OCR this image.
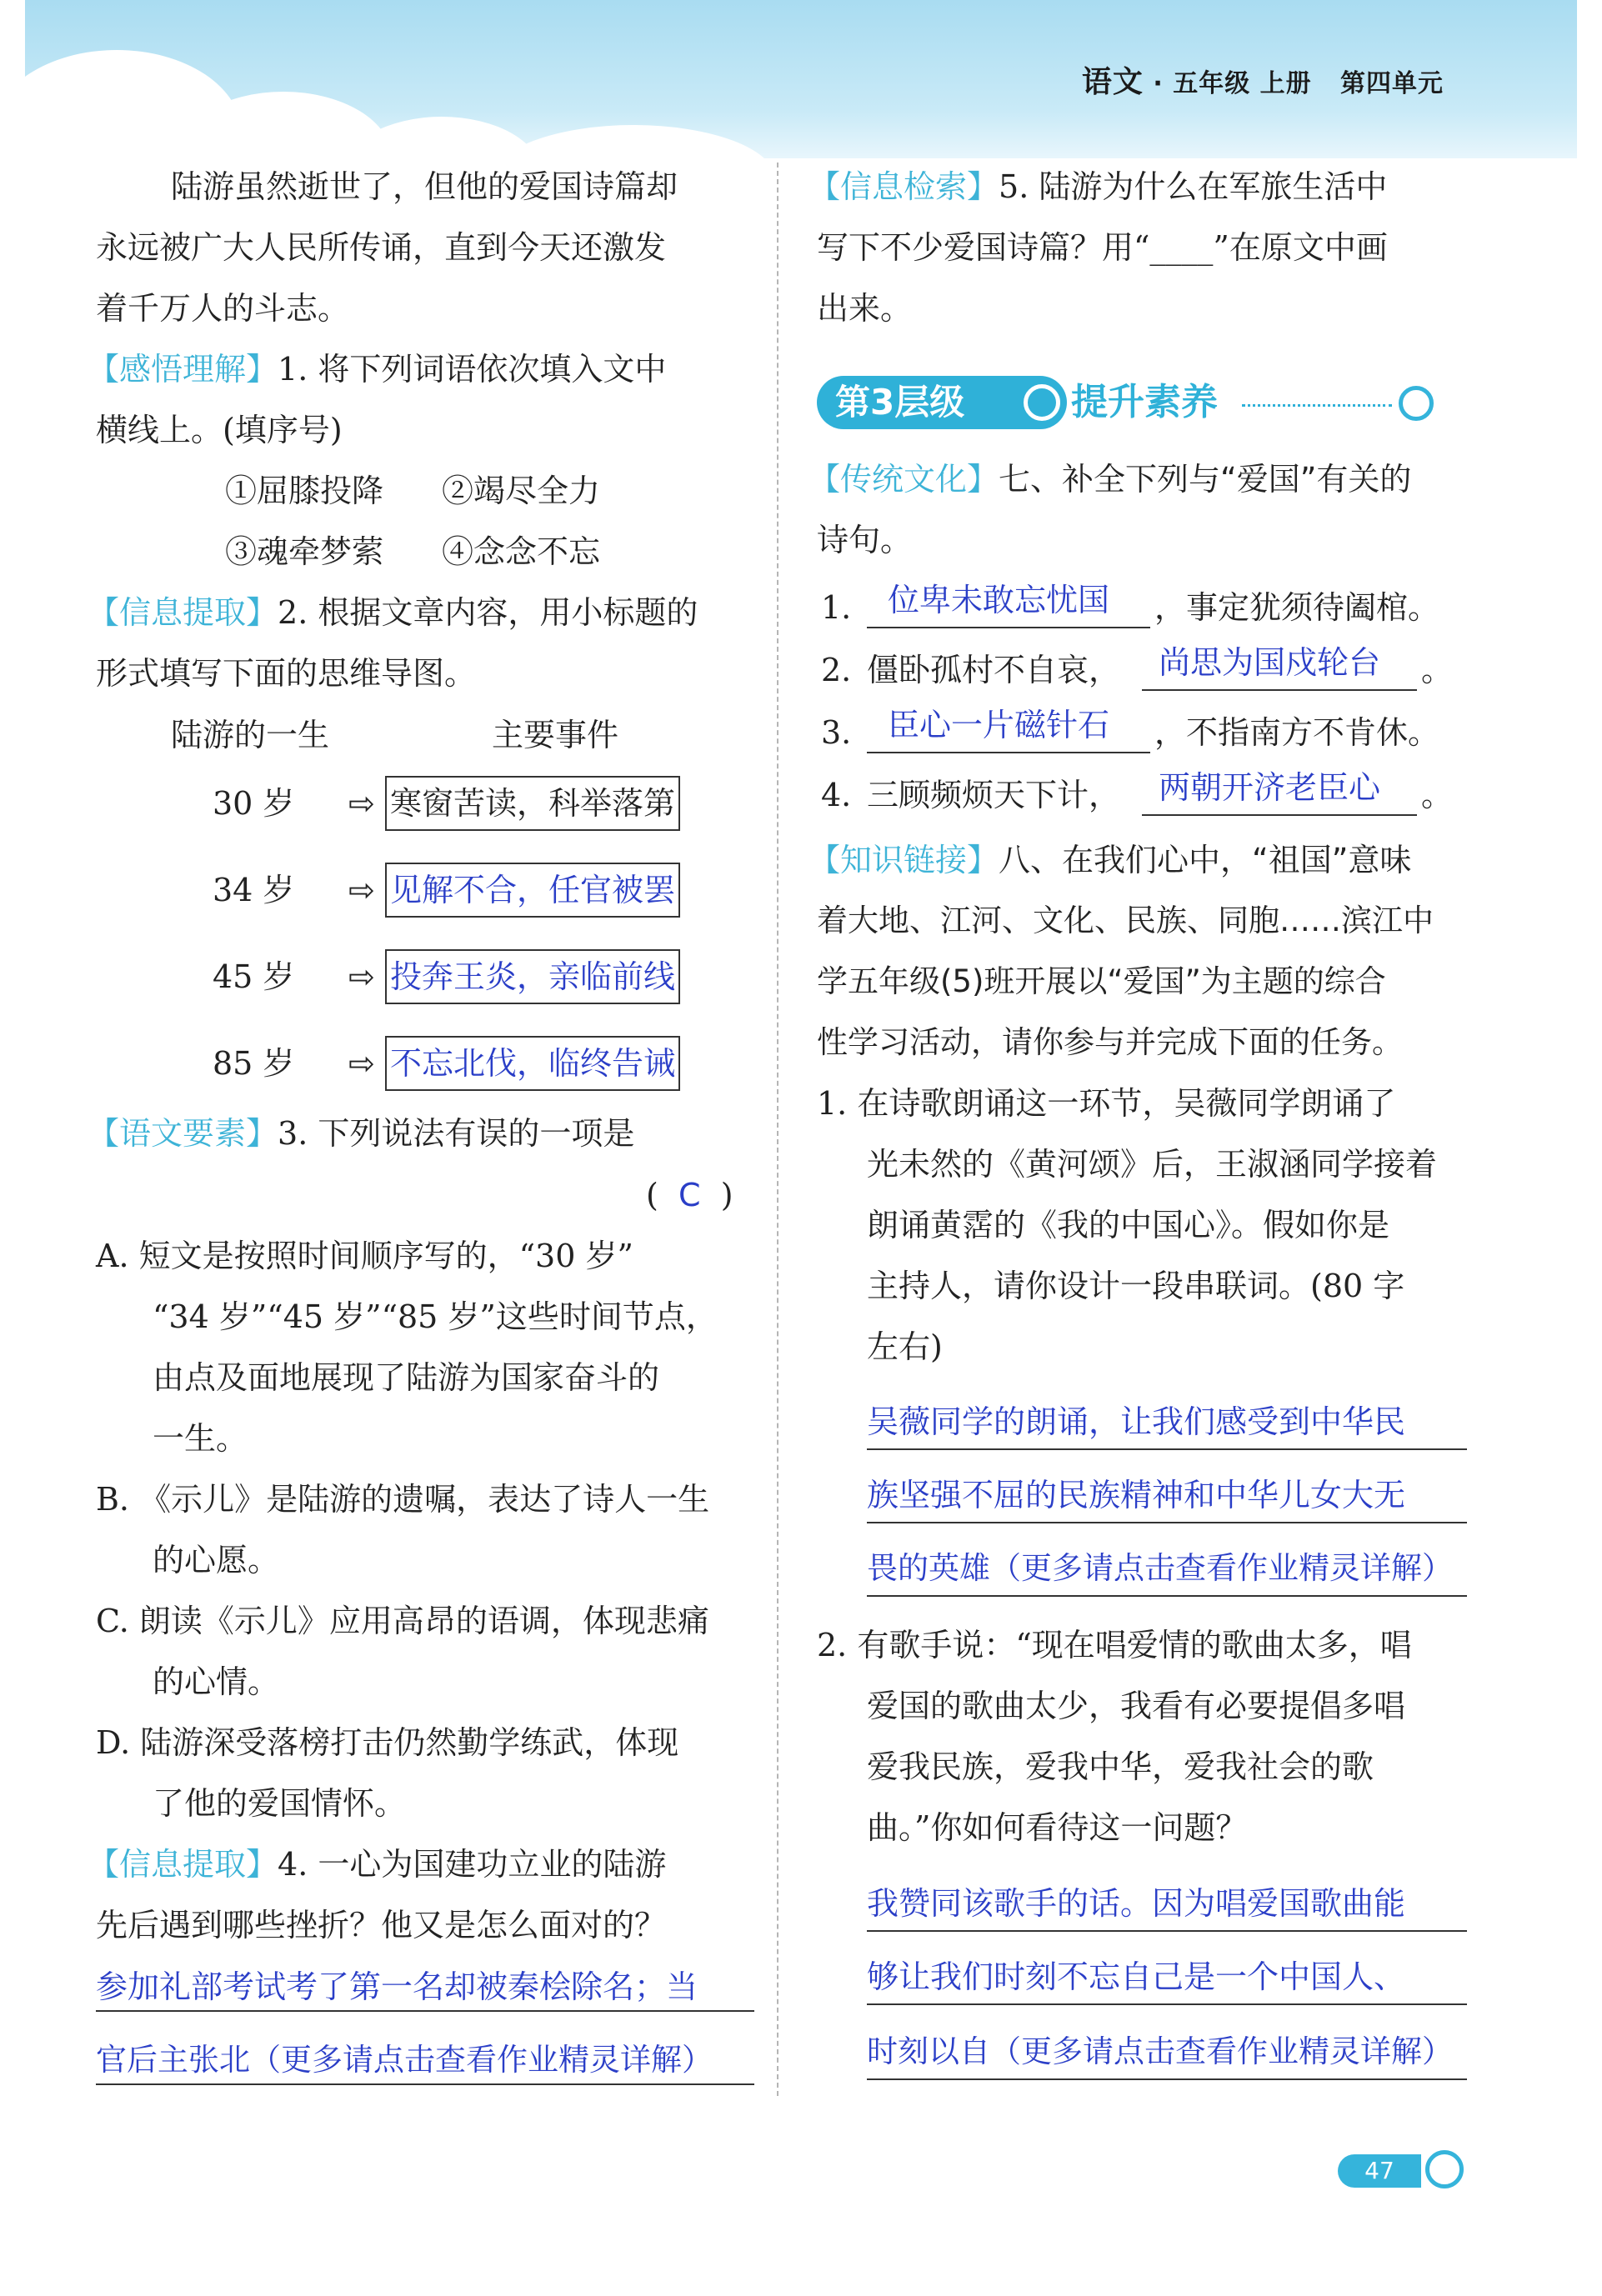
语文 · 五年级 上册 第四单元
陆游虽然逝世了，但他的爱国诗篇却
永远被广大人民所传诵，直到今天还激发
着千万人的斗志。
【感悟理解】1. 将下列词语依次填入文中
横线上。(填序号)
①屈膝投降 ②竭尽全力
③魂牵梦萦 ④念念不忘
【信息提取】2. 根据文章内容，用小标题的
形式填写下面的思维导图。
陆游的一生	主要事件
30 岁 ⇨ 寒窗苦读，科举落第
34 岁 ⇨ 见解不合，任官被罢
45 岁 ⇨ 投奔王炎，亲临前线
85 岁 ⇨ 不忘北伐，临终告诫
【语文要素】3. 下列说法有误的一项是
( C )
A. 短文是按照时间顺序写的，“30 岁”
“34 岁”“45 岁”“85 岁”这些时间节点，
由点及面地展现了陆游为国家奋斗的
一生。
B. 《示儿》是陆游的遗嘱，表达了诗人一生
的心愿。
C. 朗读《示儿》应用高昂的语调，体现悲痛
的心情。
D. 陆游深受落榜打击仍然勤学练武，体现
了他的爱国情怀。
【信息提取】4. 一心为国建功立业的陆游
先后遇到哪些挫折？他又是怎么面对的？
参加礼部考试考了第一名却被秦桧除名；当
官后主张北（更多请点击查看作业精灵详解）
【信息检索】5. 陆游为什么在军旅生活中
写下不少爱国诗篇？用“____”在原文中画
出来。
第3层级	提升素养
【传统文化】七、补全下列与“爱国”有关的
诗句。
1. 位卑未敢忘忧国 ，事定犹须待阖棺。
2. 僵卧孤村不自哀， 尚思为国戍轮台 。
3. 臣心一片磁针石 ，不指南方不肯休。
4. 三顾频烦天下计， 两朝开济老臣心 。
【知识链接】八、在我们心中，“祖国”意味
着大地、江河、文化、民族、同胞……滨江中
学五年级(5)班开展以“爱国”为主题的综合
性学习活动，请你参与并完成下面的任务。
1. 在诗歌朗诵这一环节，吴薇同学朗诵了
光未然的《黄河颂》后，王淑涵同学接着
朗诵黄霑的《我的中国心》。假如你是
主持人，请你设计一段串联词。(80 字
左右)
吴薇同学的朗诵，让我们感受到中华民
族坚强不屈的民族精神和中华儿女大无
畏的英雄（更多请点击查看作业精灵详解）
2. 有歌手说：“现在唱爱情的歌曲太多，唱
爱国的歌曲太少，我看有必要提倡多唱
爱我民族，爱我中华，爱我社会的歌
曲。”你如何看待这一问题？
我赞同该歌手的话。因为唱爱国歌曲能
够让我们时刻不忘自己是一个中国人、
时刻以自（更多请点击查看作业精灵详解）
47
